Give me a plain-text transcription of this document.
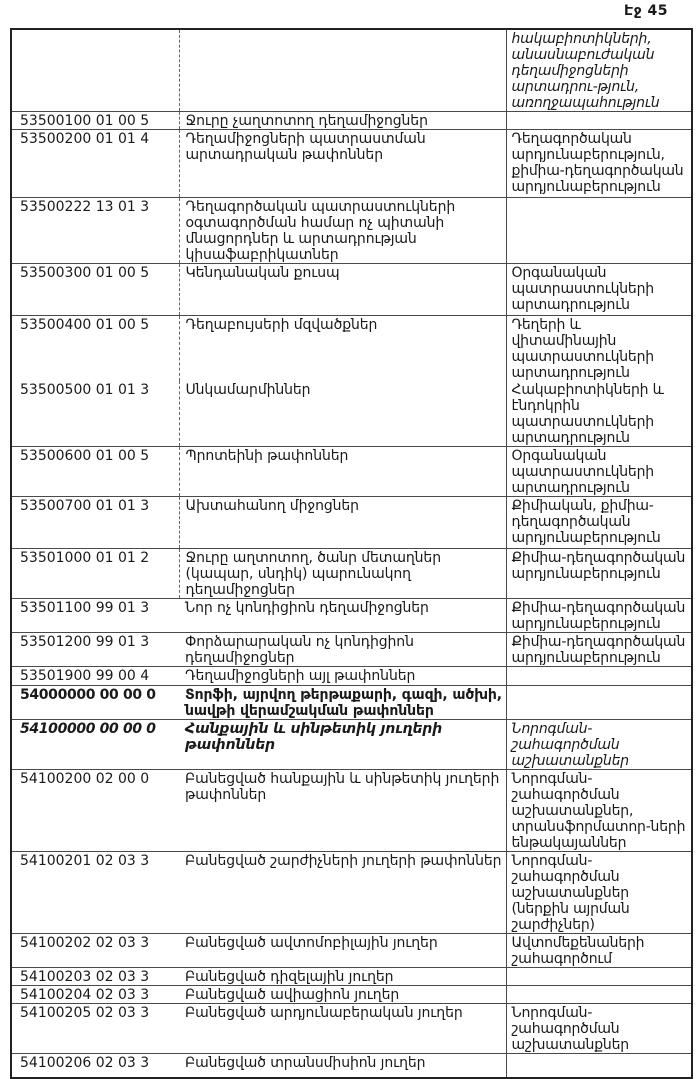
Էջ 45
		հակաբիոտիկների, անասնաբուժական դեղամիջոցների արտադրու-թյուն, առողջապահություն
53500100 01 00 5	Ջուրը չաղտոտող դեղամիջոցներ	
53500200 01 01 4	Դեղամիջոցների պատրաստման արտադրական թափոններ	Դեղագործական արդյունաբերություն, քիմիա-դեղագործական արդյունաբերություն
53500222 13 01 3	Դեղագործական պատրաստուկների օգտագործման համար ոչ պիտանի մնացորդներ և արտադրության կիսաֆաբրիկատներ	
53500300 01 00 5	Կենդանական քուսպ	Օրգանական պատրաստուկների արտադրություն
53500400 01 00 5	Դեղաբույսերի մզվածքներ	Դեղերի և վիտամինային պատրաստուկների արտադրություն
53500500 01 01 3	Սնկամարմիններ	Հակաբիոտիկների և էնդոկրին պատրաստուկների արտադրություն
53500600 01 00 5	Պրոտեինի թափոններ	Օրգանական պատրաստուկների արտադրություն
53500700 01 01 3	Ախտահանող միջոցներ	Քիմիական, քիմիա-դեղագործական արդյունաբերություն
53501000 01 01 2	Ջուրը աղտոտող, ծանր մետաղներ (կապար, սնդիկ) պարունակող դեղամիջոցներ	Քիմիա-դեղագործական արդյունաբերություն
53501100 99 01 3	Նոր ոչ կոնդիցիոն դեղամիջոցներ	Քիմիա-դեղագործական արդյունաբերություն
53501200 99 01 3	Փորձարարական ոչ կոնդիցիոն դեղամիջոցներ	Քիմիա-դեղագործական արդյունաբերություն
53501900 99 00 4	Դեղամիջոցների այլ թափոններ	
54000000 00 00 0	Տորֆի, այրվող թերթաքարի, գազի, ածխի, նավթի վերամշակման թափոններ	
54100000 00 00 0	Հանքային և սինթետիկ յուղերի թափոններ	Նորոգման-շահագործման աշխատանքներ
54100200 02 00 0	Բանեցված հանքային և սինթետիկ յուղերի թափոններ	Նորոգման-շահագործման աշխատանքներ, տրանսֆորմատոր-ների ենթակայաններ
54100201 02 03 3	Բանեցված շարժիչների յուղերի թափոններ	Նորոգման-շահագործման աշխատանքներ (ներքին այրման շարժիչներ)
54100202 02 03 3	Բանեցված ավտոմոբիլային յուղեր	Ավտոմեքենաների շահագործում
54100203 02 03 3	Բանեցված դիզելային յուղեր	
54100204 02 03 3	Բանեցված ավիացիոն յուղեր	
54100205 02 03 3	Բանեցված արդյունաբերական յուղեր	Նորոգման-շահագործման աշխատանքներ
54100206 02 03 3	Բանեցված տրանսմիսիոն յուղեր	
